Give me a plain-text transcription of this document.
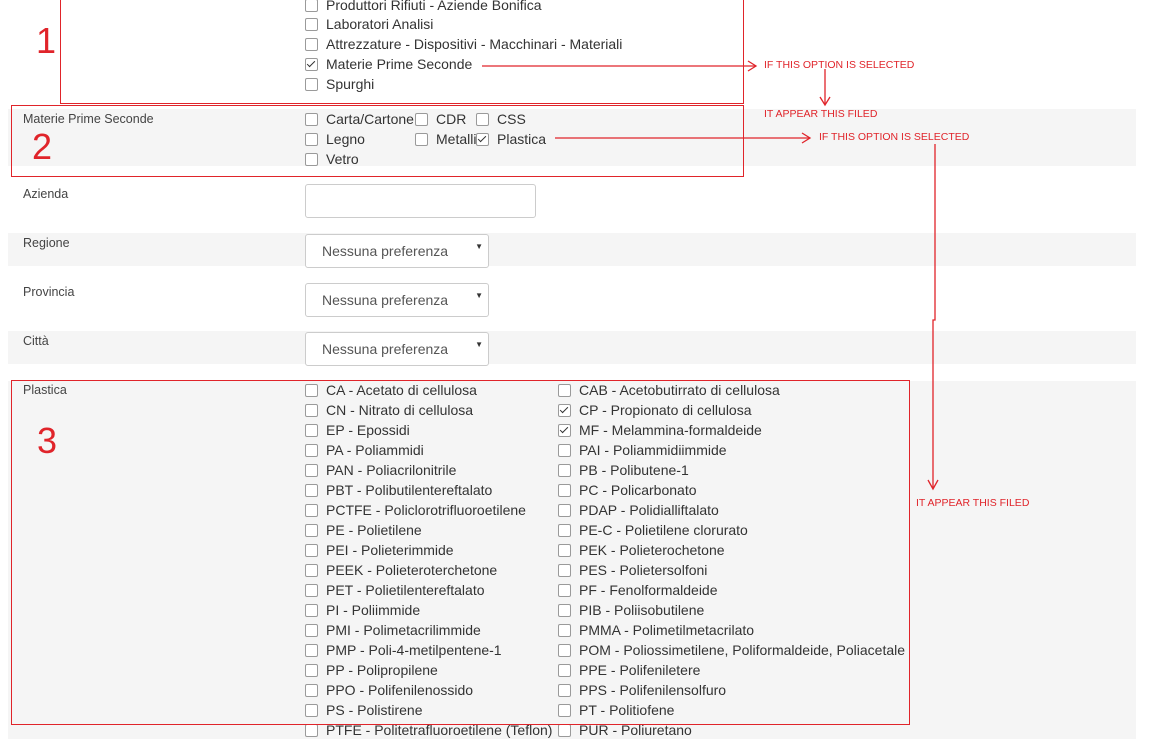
Produttori Rifiuti - Aziende Bonifica
Laboratori Analisi
Attrezzature - Dispositivi - Macchinari - Materiali
Materie Prime Seconde
Spurghi
Materie Prime Seconde	Carta/Cartone CDR CSS
Legno	Metalli Plastica
Vetro
Azienda
Regione	Nessuna preferenza	▼
Provincia	Nessuna preferenza	▼
Città	Nessuna preferenza	▼
Plastica	CA - Acetato di cellulosa
CN - Nitrato di cellulosa
EP - Epossidi
PA - Poliammidi
PAN - Poliacrilonitrile
PBT - Polibutilentereftalato
PCTFE - Policlorotrifluoroetilene
PE - Polietilene
PEI - Polieterimmide
PEEK - Polieteroterchetone
PET - Polietilentereftalato
PI - Poliimmide
PMI - Polimetacrilimmide
PMP - Poli-4-metilpentene-1
PP - Polipropilene
PPO - Polifenilenossido
PS - Polistirene
PTFE - Politetrafluoroetilene (Teflon)
CAB - Acetobutirrato di cellulosa
CP - Propionato di cellulosa
MF - Melammina-formaldeide
PAI - Poliammidiimmide
PB - Polibutene-1
PC - Policarbonato
PDAP - Polidialliftalato
PE-C - Polietilene clorurato
PEK - Polieterochetone
PES - Polietersolfoni
PF - Fenolformaldeide
PIB - Poliisobutilene
PMMA - Polimetilmetacrilato
POM - Poliossimetilene, Poliformaldeide, Poliacetale
PPE - Polifeniletere
PPS - Polifenilensolfuro
PT - Politiofene
PUR - Poliuretano
1
2
3
IF THIS OPTION IS SELECTED
IT APPEAR THIS FILED
IF THIS OPTION IS SELECTED
IT APPEAR THIS FILED
